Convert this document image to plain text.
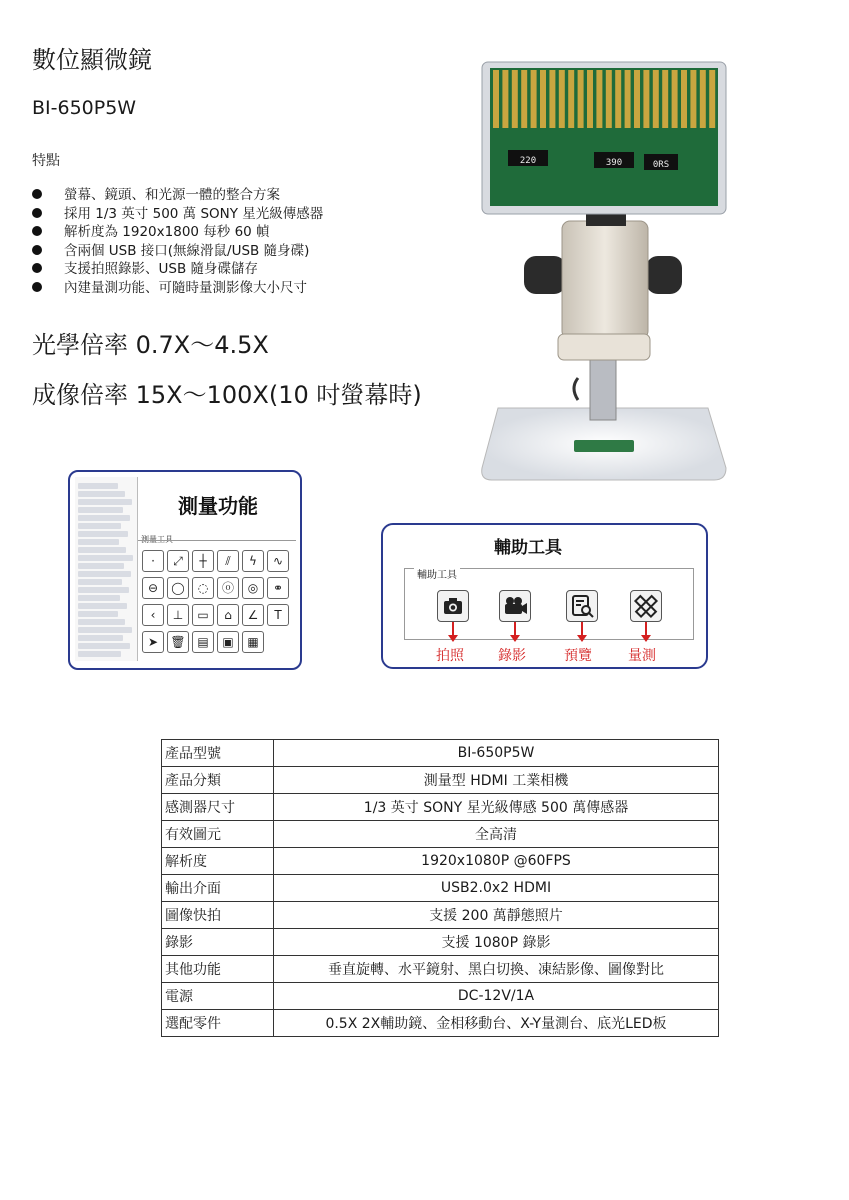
數位顯微鏡
BI-650P5W
特點
螢幕、鏡頭、和光源一體的整合方案
採用 1/3 英寸 500 萬 SONY 星光級傳感器
解析度為 1920x1800 每秒 60 幀
含兩個 USB 接口(無線滑鼠/USB 隨身碟)
支援拍照錄影、USB 隨身碟儲存
內建量測功能、可隨時量測影像大小尺寸
光學倍率 0.7X～4.5X
成像倍率 15X～100X(10 吋螢幕時)
220	390	0RS
測量功能
測量工具
·	⤢	┼	⫽	ϟ	∿
⊖	◯	◌	ⓞ	◎	⚭
‹	⊥	▭	⌂	∠	T
➤	🗑 ▤	▣	▦
輔助工具
輔助工具
拍照 錄影	預覽	量測
產品型號	BI-650P5W
產品分類	測量型 HDMI 工業相機
感測器尺寸	1/3 英寸 SONY 星光級傳感 500 萬傳感器
有效圖元	全高清
解析度	1920x1080P @60FPS
輸出介面	USB2.0x2 HDMI
圖像快拍	支援 200 萬靜態照片
錄影	支援 1080P 錄影
其他功能	垂直旋轉、水平鏡射、黑白切換、凍結影像、圖像對比
電源	DC-12V/1A
選配零件	0.5X 2X輔助鏡、金相移動台、X-Y量測台、底光LED板
